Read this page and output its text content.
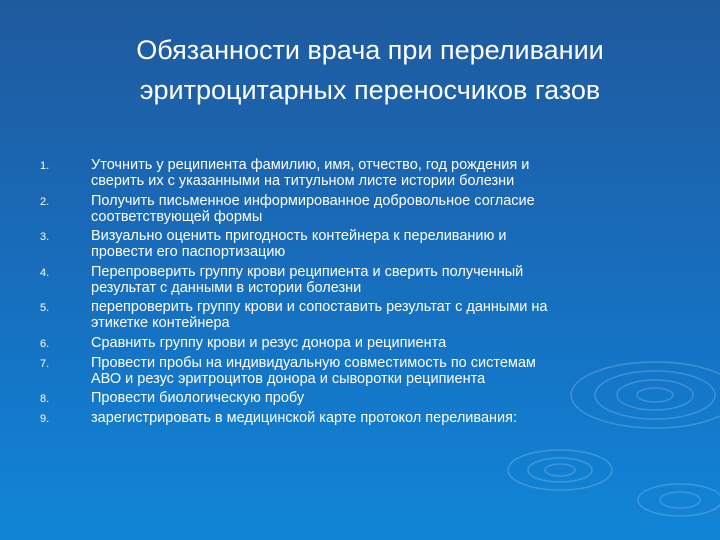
Обязанности врача при переливании
эритроцитарных переносчиков газов
1.	Уточнить у реципиента фамилию, имя, отчество, год рождения и
сверить их с указанными на титульном листе истории болезни
2.	Получить письменное информированное добровольное согласие
соответствующей формы
3.	Визуально оценить пригодность контейнера к переливанию и
провести его паспортизацию
4.	Перепроверить группу крови реципиента и сверить полученный
результат с данными в истории болезни
5.	перепроверить группу крови и сопоставить результат с данными на
этикетке контейнера
6.	Сравнить группу крови и резус донора и реципиента
7.	Провести пробы на индивидуальную совместимость по системам
АВО и резус эритроцитов донора и сыворотки реципиента
8.	Провести биологическую пробу
9.	зарегистрировать в медицинской карте протокол переливания:
